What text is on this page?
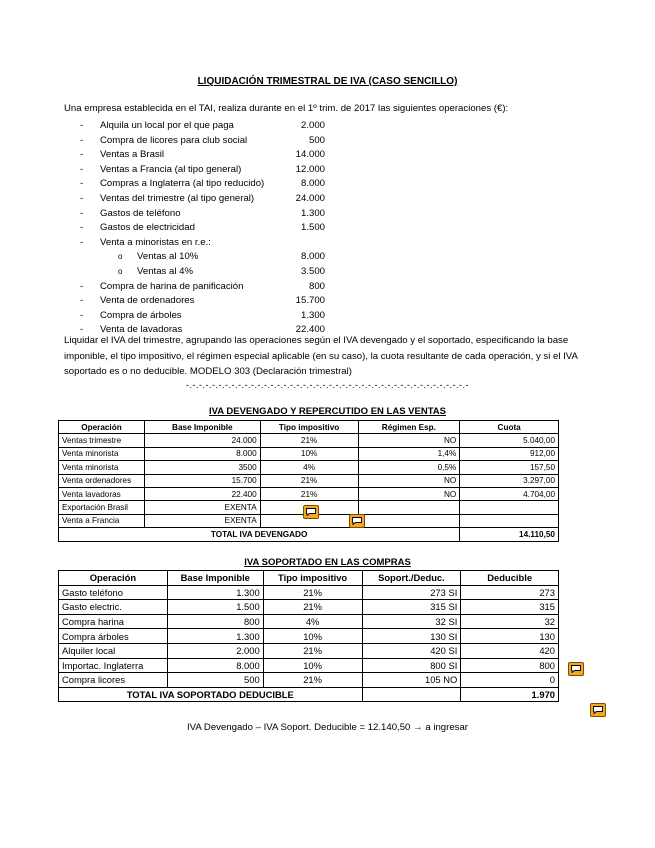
LIQUIDACIÓN TRIMESTRAL DE IVA (CASO SENCILLO)
Una empresa establecida en el TAI, realiza durante en el 1º trim. de 2017 las siguientes operaciones (€):
- Alquila un local por el que paga	2.000
- Compra de licores para club social	500
- Ventas a Brasil	14.000
- Ventas a Francia (al tipo general)	12.000
- Compras a Inglaterra (al tipo reducido)	8.000
- Ventas del trimestre (al tipo general)	24.000
- Gastos de teléfono	1.300
- Gastos de electricidad	1.500
- Venta a minoristas en r.e.:
o Ventas al 10%	8.000
o Ventas al 4%	3.500
- Compra de harina de panificación	800
- Venta de ordenadores	15.700
- Compra de árboles	1.300
- Venta de lavadoras	22.400
Liquidar el IVA del trimestre, agrupando las operaciones según el IVA devengado y el soportado, especificando la base imponible, el tipo impositivo, el régimen especial aplicable (en su caso), la cuota resultante de cada operación, y si el IVA soportado es o no deducible. MODELO 303 (Declaración trimestral)
-.-.-.-.-.-.-.-.-.-.-.-.-.-.-.-.-.-.-.-.-.-.-.-.-.-.-.-.-.-.-.-.-.-.-.-.-.-.-.-.-.-.-.-
IVA DEVENGADO Y REPERCUTIDO EN LAS VENTAS
Operación	Base Imponible	Tipo impositivo	Régimen Esp.	Cuota
Ventas trimestre	24.000	21%	NO	5.040,00
Venta minorista	8.000	10%	1,4%	912,00
Venta minorista	3500	4%	0,5%	157,50
Venta ordenadores	15.700	21%	NO	3.297,00
Venta lavadoras	22.400	21%	NO	4.704,00
Exportación Brasil	EXENTA			
Venta a Francia	EXENTA			
TOTAL IVA DEVENGADO				14.110,50
IVA SOPORTADO EN LAS COMPRAS
Operación	Base Imponible	Tipo impositivo	Soport./Deduc.	Deducible
Gasto teléfono	1.300	21%	273 SI	273
Gasto electric.	1.500	21%	315 SI	315
Compra harina	800	4%	32 SI	32
Compra árboles	1.300	10%	130 SI	130
Alquiler local	2.000	21%	420 SI	420
Importac. Inglaterra	8.000	10%	800 SI	800
Compra licores	500	21%	105 NO	0
TOTAL IVA SOPORTADO DEDUCIBLE				1.970
IVA Devengado – IVA Soport. Deducible = 12.140,50 → a ingresar
